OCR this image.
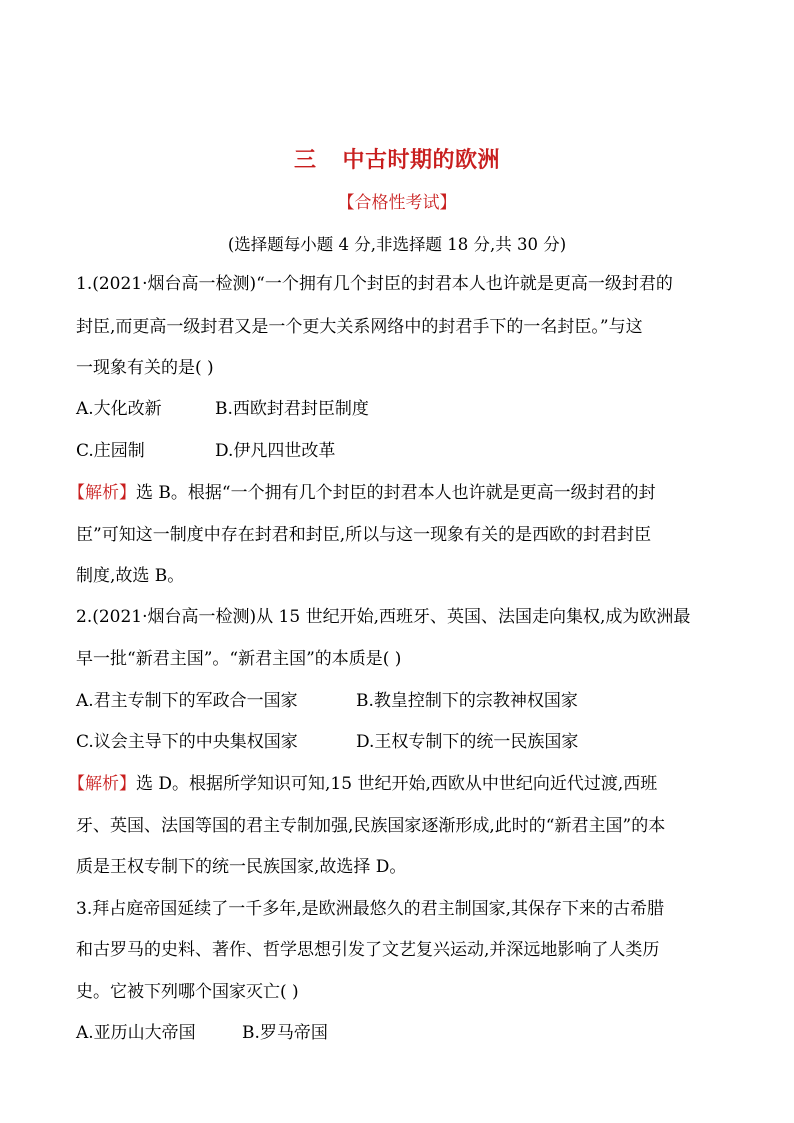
三 中古时期的欧洲
【合格性考试】
(选择题每小题 4 分,非选择题 18 分,共 30 分)
1.(2021·烟台高一检测)“一个拥有几个封臣的封君本人也许就是更高一级封君的
封臣,而更高一级封君又是一个更大关系网络中的封君手下的一名封臣。”与这
一现象有关的是( )
A.大化改新	B.西欧封君封臣制度
C.庄园制	D.伊凡四世改革
【解析】选 B。根据“一个拥有几个封臣的封君本人也许就是更高一级封君的封
臣”可知这一制度中存在封君和封臣,所以与这一现象有关的是西欧的封君封臣
制度,故选 B。
2.(2021·烟台高一检测)从 15 世纪开始,西班牙、英国、法国走向集权,成为欧洲最
早一批“新君主国”。“新君主国”的本质是( )
A.君主专制下的军政合一国家	B.教皇控制下的宗教神权国家
C.议会主导下的中央集权国家	D.王权专制下的统一民族国家
【解析】选 D。根据所学知识可知,15 世纪开始,西欧从中世纪向近代过渡,西班
牙、英国、法国等国的君主专制加强,民族国家逐渐形成,此时的“新君主国”的本
质是王权专制下的统一民族国家,故选择 D。
3.拜占庭帝国延续了一千多年,是欧洲最悠久的君主制国家,其保存下来的古希腊
和古罗马的史料、著作、哲学思想引发了文艺复兴运动,并深远地影响了人类历
史。它被下列哪个国家灭亡( )
A.亚历山大帝国	B.罗马帝国
